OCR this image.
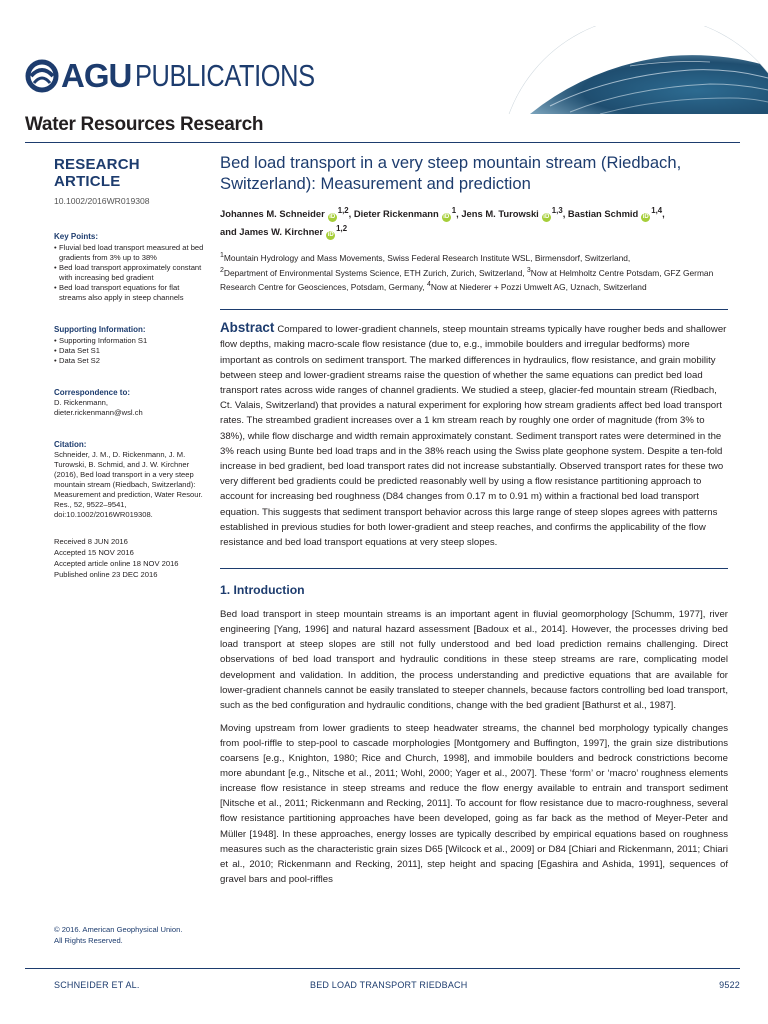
AGU PUBLICATIONS
Water Resources Research
RESEARCH ARTICLE
10.1002/2016WR019308
Key Points:
• Fluvial bed load transport measured at bed gradients from 3% up to 38%
• Bed load transport approximately constant with increasing bed gradient
• Bed load transport equations for flat streams also apply in steep channels
Supporting Information:
• Supporting Information S1
• Data Set S1
• Data Set S2
Correspondence to:
D. Rickenmann,
dieter.rickenmann@wsl.ch
Citation:
Schneider, J. M., D. Rickenmann, J. M. Turowski, B. Schmid, and J. W. Kirchner (2016), Bed load transport in a very steep mountain stream (Riedbach, Switzerland): Measurement and prediction, Water Resour. Res., 52, 9522–9541, doi:10.1002/2016WR019308.
Received 8 JUN 2016
Accepted 15 NOV 2016
Accepted article online 18 NOV 2016
Published online 23 DEC 2016
© 2016. American Geophysical Union.
All Rights Reserved.
Bed load transport in a very steep mountain stream (Riedbach, Switzerland): Measurement and prediction
Johannes M. Schneider iD$^{1,2}$, Dieter Rickenmann $iD^1$, Jens M. Turowski iD$^{1,3}$, Bastian Schmid iD$^{1,4}$,
and James W. Kirchner iD$^{1,2}$
$^1$Mountain Hydrology and Mass Movements, Swiss Federal Research Institute WSL, Birmensdorf, Switzerland,
$^2$Department of Environmental Systems Science, ETH Zurich, Zurich, Switzerland, $^3$Now at Helmholtz Centre Potsdam, GFZ German Research Centre for Geosciences, Potsdam, Germany, $^4$Now at Niederer + Pozzi Umwelt AG, Uznach, Switzerland

Abstract Compared to lower-gradient channels, steep mountain streams typically have rougher beds and shallower flow depths, making macro-scale flow resistance (due to, e.g., immobile boulders and irregular bedforms) more important as controls on sediment transport. The marked differences in hydraulics, flow resistance, and grain mobility between steep and lower-gradient streams raise the question of whether the same equations can predict bed load transport rates across wide ranges of channel gradients. We studied a steep, glacier-fed mountain stream (Riedbach, Ct. Valais, Switzerland) that provides a natural experiment for exploring how stream gradients affect bed load transport rates. The streambed gradient increases over a 1 km stream reach by roughly one order of magnitude (from 3% to 38%), while flow discharge and width remain approximately constant. Sediment transport rates were determined in the 3% reach using Bunte bed load traps and in the 38% reach using the Swiss plate geophone system. Despite a ten-fold increase in bed gradient, bed load transport rates did not increase substantially. Observed transport rates for these two very different bed gradients could be predicted reasonably well by using a flow resistance partitioning approach to account for increasing bed roughness (D84 changes from 0.17 m to 0.91 m) within a fractional bed load transport equation. This suggests that sediment transport behavior across this large range of steep slopes agrees with patterns established in previous studies for both lower-gradient and steep reaches, and confirms the applicability of the flow resistance and bed load transport equations at very steep slopes.

1. Introduction

Bed load transport in steep mountain streams is an important agent in fluvial geomorphology [Schumm, 1977], river engineering [Yang, 1996] and natural hazard assessment [Badoux et al., 2014]. However, the processes driving bed load transport at steep slopes are still not fully understood and bed load prediction remains challenging. Direct observations of bed load transport and hydraulic conditions in these steep streams are rare, complicating model development and validation. In addition, the process understanding and predictive equations that are available for lower-gradient channels cannot be easily translated to steeper channels, because factors controlling bed load transport, such as the bed configuration and hydraulic conditions, change with the bed gradient [Bathurst et al., 1987].

Moving upstream from lower gradients to steep headwater streams, the channel bed morphology typically changes from pool-riffle to step-pool to cascade morphologies [Montgomery and Buffington, 1997], the grain size distributions coarsens [e.g., Knighton, 1980; Rice and Church, 1998], and immobile boulders and bedrock constrictions become more abundant [e.g., Nitsche et al., 2011; Wohl, 2000; Yager et al., 2007]. These ‘form’ or ‘macro’ roughness elements increase flow resistance in steep streams and reduce the flow energy available to entrain and transport sediment [Nitsche et al., 2011; Rickenmann and Recking, 2011]. To account for flow resistance due to macro-roughness, several flow resistance partitioning approaches have been developed, going as far back as the method of Meyer-Peter and Müller [1948]. In these approaches, energy losses are typically described by empirical equations based on roughness measures such as the characteristic grain sizes D65 [Wilcock et al., 2009] or D84 [Chiari and Rickenmann, 2011; Chiari et al., 2010; Rickenmann and Recking, 2011], step height and spacing [Egashira and Ashida, 1991], sequences of gravel bars and pool-riffles

SCHNEIDER ET AL.	BED LOAD TRANSPORT RIEDBACH	9522
